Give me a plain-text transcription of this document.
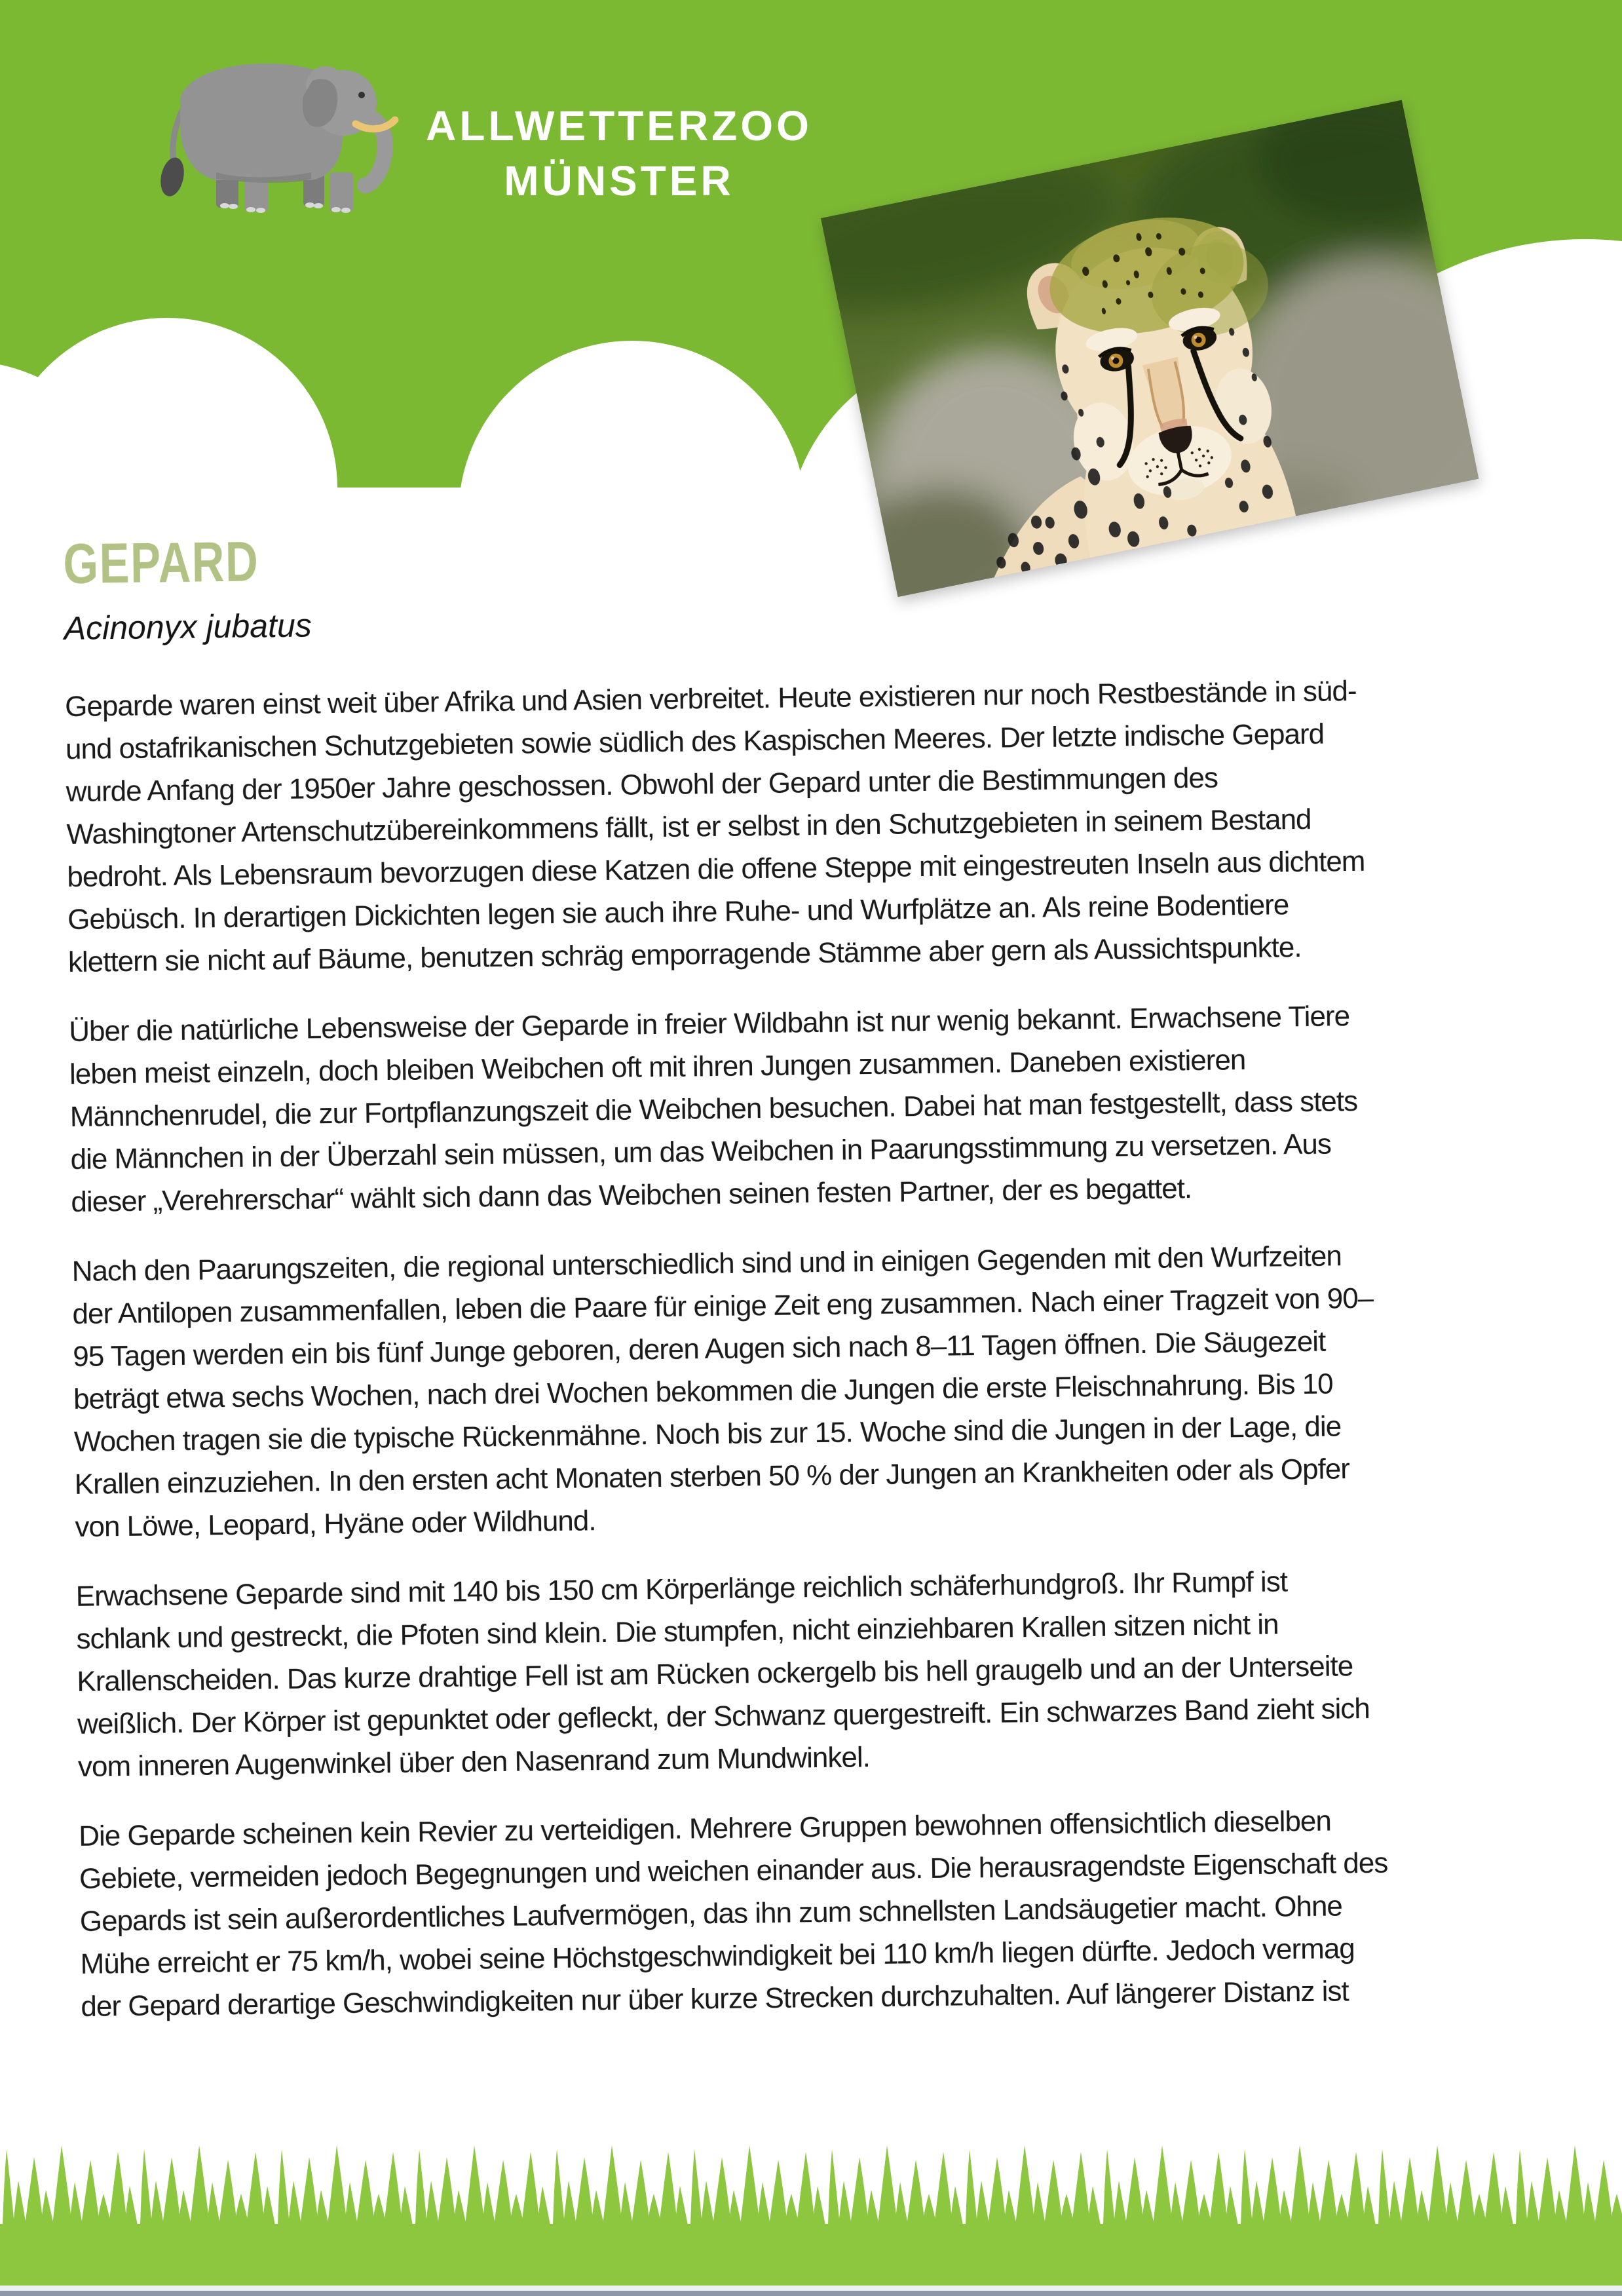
ALLWETTERZOO
MÜNSTER
GEPARD
Acinonyx jubatus
Geparde waren einst weit über Afrika und Asien verbreitet. Heute existieren nur noch Restbestände in süd-
und ostafrikanischen Schutzgebieten sowie südlich des Kaspischen Meeres. Der letzte indische Gepard
wurde Anfang der 1950er Jahre geschossen. Obwohl der Gepard unter die Bestimmungen des
Washingtoner Artenschutzübereinkommens fällt, ist er selbst in den Schutzgebieten in seinem Bestand
bedroht. Als Lebensraum bevorzugen diese Katzen die offene Steppe mit eingestreuten Inseln aus dichtem
Gebüsch. In derartigen Dickichten legen sie auch ihre Ruhe- und Wurfplätze an. Als reine Bodentiere
klettern sie nicht auf Bäume, benutzen schräg emporragende Stämme aber gern als Aussichtspunkte.
Über die natürliche Lebensweise der Geparde in freier Wildbahn ist nur wenig bekannt. Erwachsene Tiere
leben meist einzeln, doch bleiben Weibchen oft mit ihren Jungen zusammen. Daneben existieren
Männchenrudel, die zur Fortpflanzungszeit die Weibchen besuchen. Dabei hat man festgestellt, dass stets
die Männchen in der Überzahl sein müssen, um das Weibchen in Paarungsstimmung zu versetzen. Aus
dieser „Verehrerschar“ wählt sich dann das Weibchen seinen festen Partner, der es begattet.
Nach den Paarungszeiten, die regional unterschiedlich sind und in einigen Gegenden mit den Wurfzeiten
der Antilopen zusammenfallen, leben die Paare für einige Zeit eng zusammen. Nach einer Tragzeit von 90–
95 Tagen werden ein bis fünf Junge geboren, deren Augen sich nach 8–11 Tagen öffnen. Die Säugezeit
beträgt etwa sechs Wochen, nach drei Wochen bekommen die Jungen die erste Fleischnahrung. Bis 10
Wochen tragen sie die typische Rückenmähne. Noch bis zur 15. Woche sind die Jungen in der Lage, die
Krallen einzuziehen. In den ersten acht Monaten sterben 50 % der Jungen an Krankheiten oder als Opfer
von Löwe, Leopard, Hyäne oder Wildhund.
Erwachsene Geparde sind mit 140 bis 150 cm Körperlänge reichlich schäferhundgroß. Ihr Rumpf ist
schlank und gestreckt, die Pfoten sind klein. Die stumpfen, nicht einziehbaren Krallen sitzen nicht in
Krallenscheiden. Das kurze drahtige Fell ist am Rücken ockergelb bis hell graugelb und an der Unterseite
weißlich. Der Körper ist gepunktet oder gefleckt, der Schwanz quergestreift. Ein schwarzes Band zieht sich
vom inneren Augenwinkel über den Nasenrand zum Mundwinkel.
Die Geparde scheinen kein Revier zu verteidigen. Mehrere Gruppen bewohnen offensichtlich dieselben
Gebiete, vermeiden jedoch Begegnungen und weichen einander aus. Die herausragendste Eigenschaft des
Gepards ist sein außerordentliches Laufvermögen, das ihn zum schnellsten Landsäugetier macht. Ohne
Mühe erreicht er 75 km/h, wobei seine Höchstgeschwindigkeit bei 110 km/h liegen dürfte. Jedoch vermag
der Gepard derartige Geschwindigkeiten nur über kurze Strecken durchzuhalten. Auf längerer Distanz ist
